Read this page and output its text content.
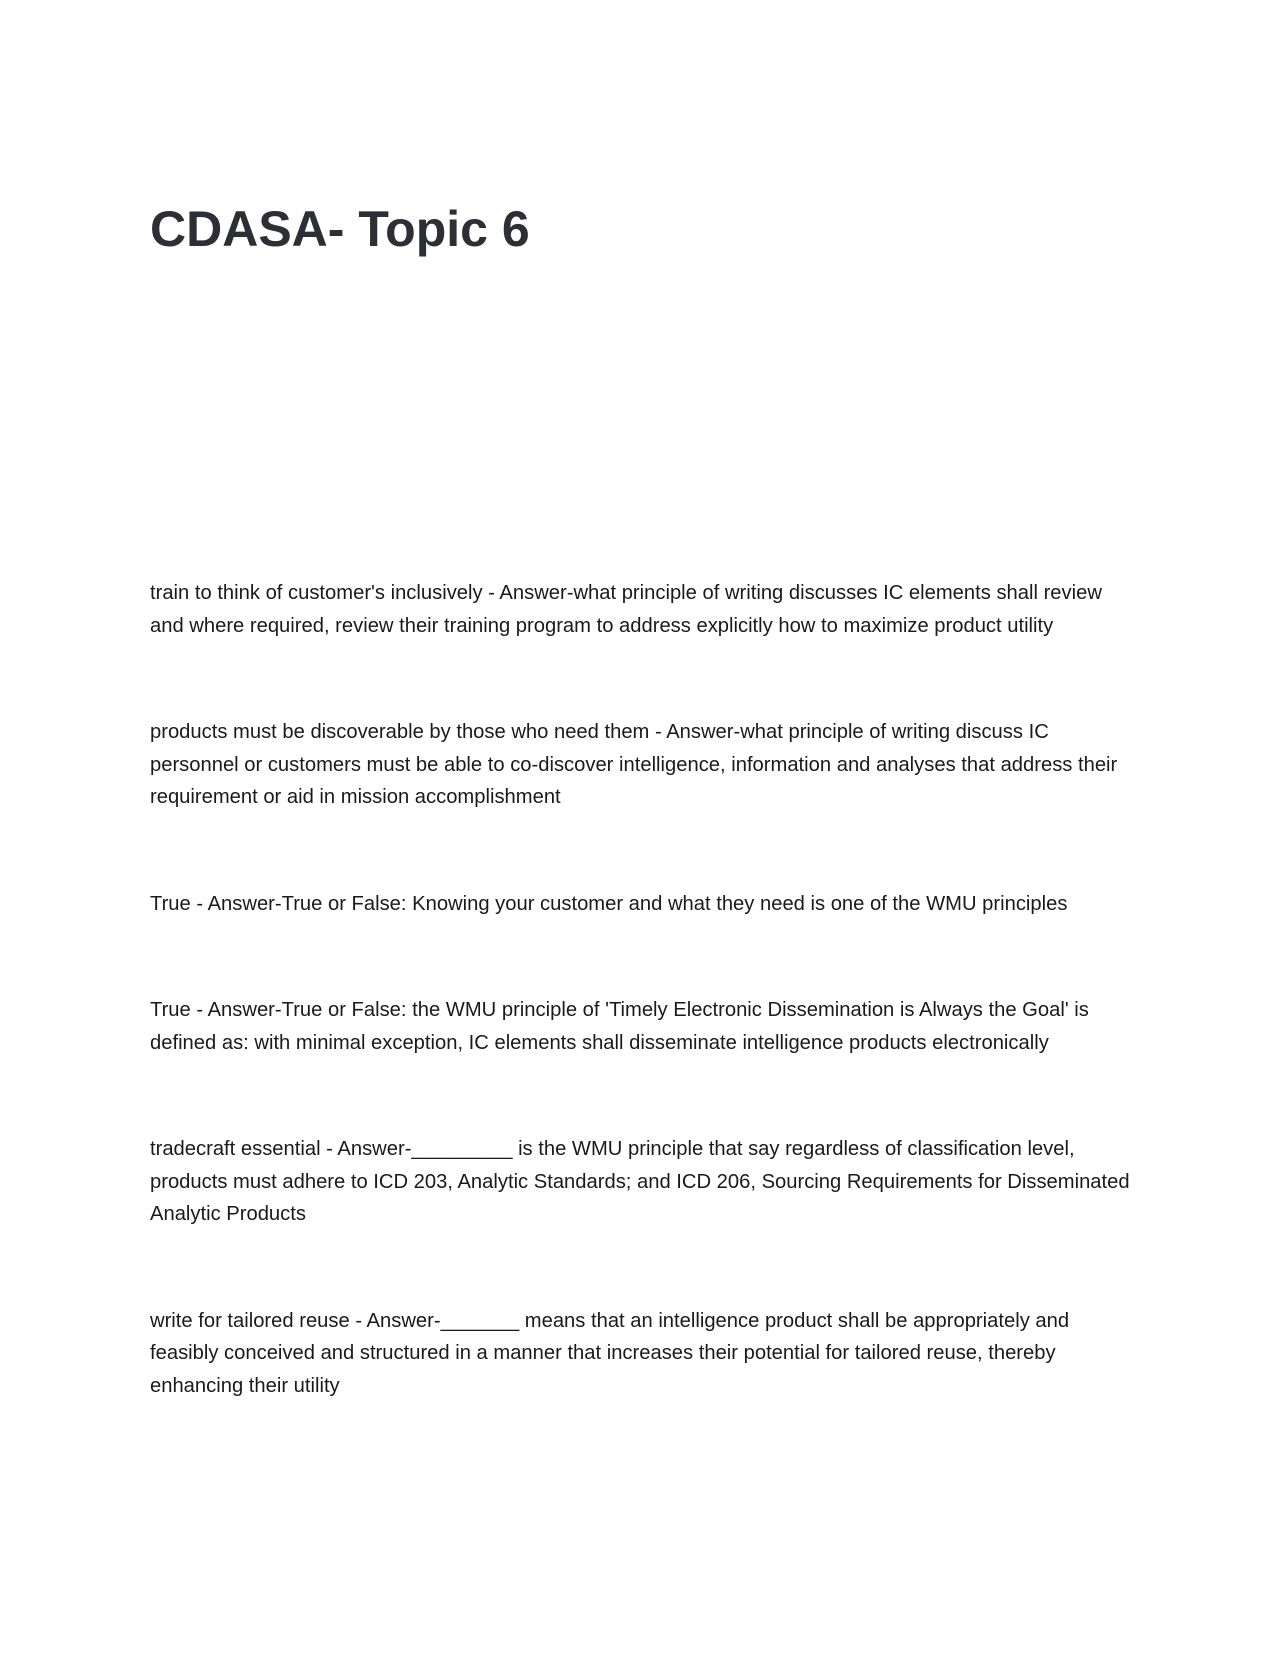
CDASA- Topic 6

train to think of customer's inclusively - Answer-what principle of writing discusses IC elements shall review and where required, review their training program to address explicitly how to maximize product utility

products must be discoverable by those who need them - Answer-what principle of writing discuss IC personnel or customers must be able to co-discover intelligence, information and analyses that address their requirement or aid in mission accomplishment

True - Answer-True or False: Knowing your customer and what they need is one of the WMU principles

True - Answer-True or False: the WMU principle of 'Timely Electronic Dissemination is Always the Goal' is defined as: with minimal exception, IC elements shall disseminate intelligence products electronically

tradecraft essential - Answer-_________ is the WMU principle that say regardless of classification level, products must adhere to ICD 203, Analytic Standards; and ICD 206, Sourcing Requirements for Disseminated Analytic Products

write for tailored reuse - Answer-_______ means that an intelligence product shall be appropriately and feasibly conceived and structured in a manner that increases their potential for tailored reuse, thereby enhancing their utility
